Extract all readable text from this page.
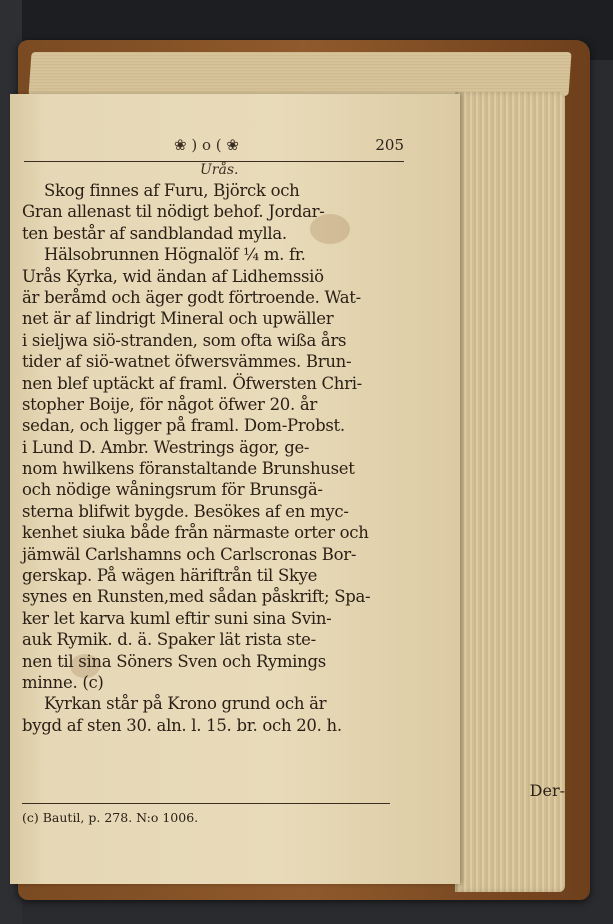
❀ ) o ( ❀	205
Urås.
Skog finnes af Furu, Björck och
Gran allenast til nödigt behof. Jordar-
ten består af sandblandad mylla.
Hälsobrunnen Högnalöf ¼ m. fr.
Urås Kyrka, wid ändan af Lidhemssiö
är beråmd och äger godt förtroende. Wat-
net är af lindrigt Mineral och upwäller
i sieljwa siö-stranden, som ofta wißa års
tider af siö-watnet öfwersvämmes. Brun-
nen blef uptäckt af framl. Öfwersten Chri-
stopher Boije, för något öfwer 20. år
sedan, och ligger på framl. Dom-Probst.
i Lund D. Ambr. Westrings ägor, ge-
nom hwilkens föranstaltande Brunshuset
och nödige wåningsrum för Brunsgä-
sterna blifwit bygde. Besökes af en myc-
kenhet siuka både från närmaste orter och
jämwäl Carlshamns och Carlscronas Bor-
gerskap. På wägen häriftrån til Skye
synes en Runsten,med sådan påskrift; Spa-
ker let karva kuml eftir suni sina Svin-
auk Rymik. d. ä. Spaker lät rista ste-
nen til sina Söners Sven och Rymings
minne. (c)
Kyrkan står på Krono grund och är
bygd af sten 30. aln. l. 15. br. och 20. h.
Der-
(c) Bautil, p. 278. N:o 1006.
